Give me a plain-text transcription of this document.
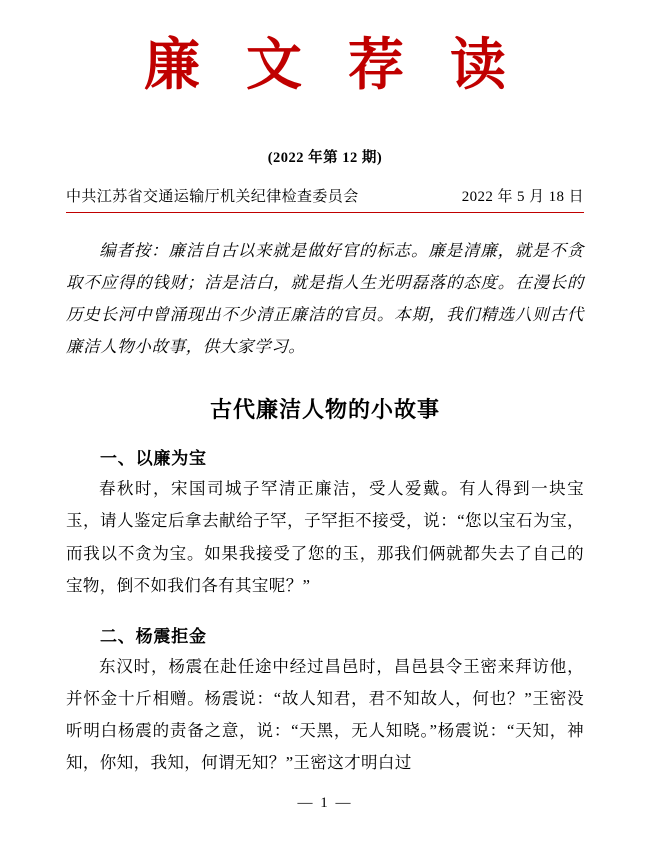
廉 文 荐 读
(2022 年第 12 期)
中共江苏省交通运输厅机关纪律检查委员会	2022 年 5 月 18 日
编者按：廉洁自古以来就是做好官的标志。廉是清廉，就是不贪取不应得的钱财；洁是洁白，就是指人生光明磊落的态度。在漫长的历史长河中曾涌现出不少清正廉洁的官员。本期，我们精选八则古代廉洁人物小故事，供大家学习。
古代廉洁人物的小故事
一、以廉为宝

春秋时，宋国司城子罕清正廉洁，受人爱戴。有人得到一块宝玉，请人鉴定后拿去献给子罕，子罕拒不接受，说：“您以宝石为宝，而我以不贪为宝。如果我接受了您的玉，那我们俩就都失去了自己的宝物，倒不如我们各有其宝呢？”

二、杨震拒金

东汉时，杨震在赴任途中经过昌邑时，昌邑县令王密来拜访他，并怀金十斤相赠。杨震说：“故人知君，君不知故人，何也？”王密没听明白杨震的责备之意，说：“天黑，无人知晓。”杨震说：“天知，神知，你知，我知，何谓无知？”王密这才明白过

— 1 —
